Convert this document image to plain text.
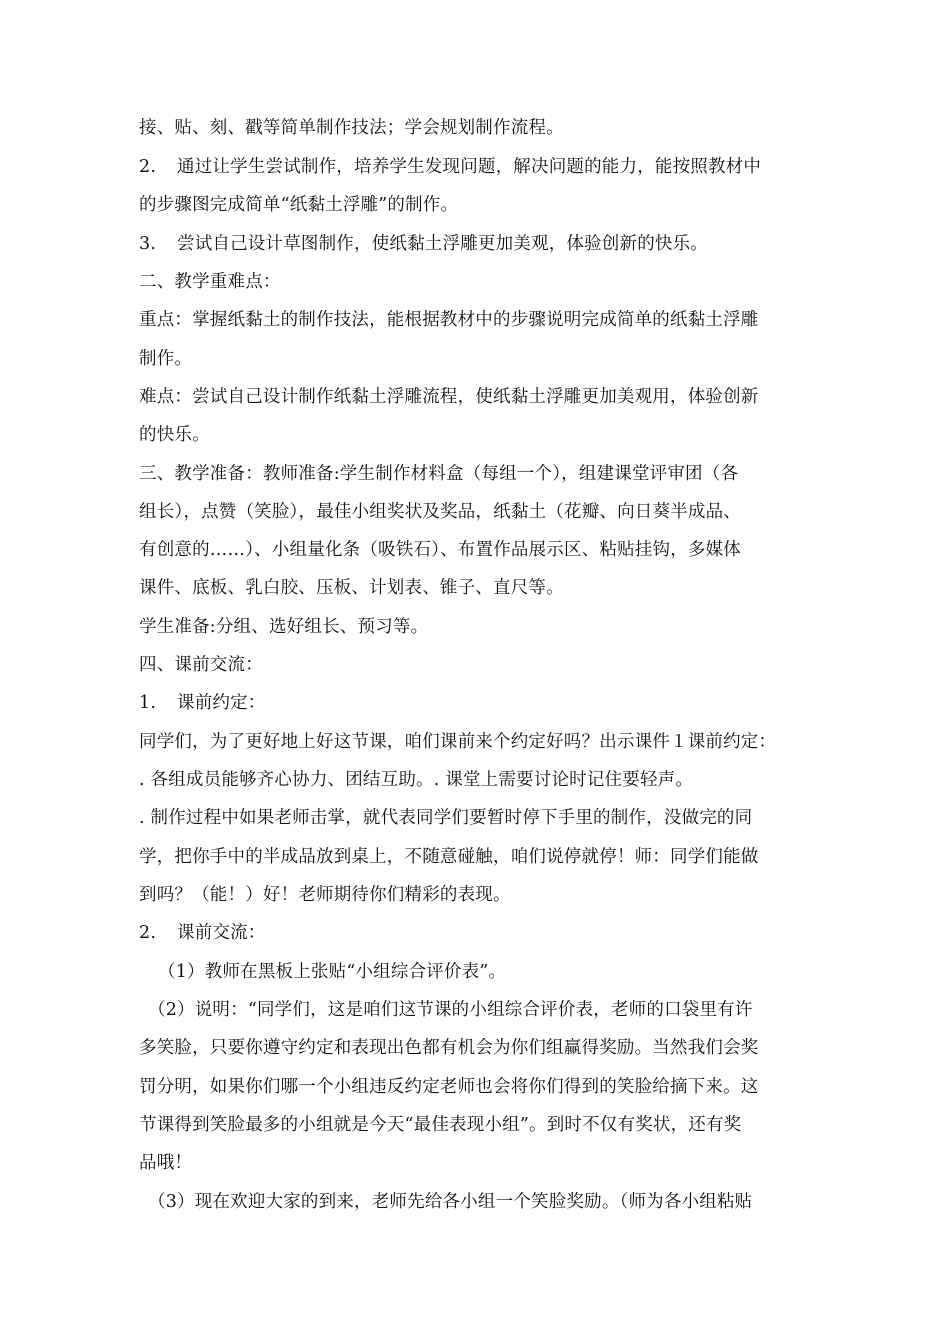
接、贴、刻、戳等简单制作技法；学会规划制作流程。
2. 通过让学生尝试制作，培养学生发现问题，解决问题的能力，能按照教材中
的步骤图完成简单“纸黏土浮雕”的制作。
3. 尝试自己设计草图制作，使纸黏土浮雕更加美观，体验创新的快乐。
二、教学重难点：
重点：掌握纸黏土的制作技法，能根据教材中的步骤说明完成简单的纸黏土浮雕
制作。
难点：尝试自己设计制作纸黏土浮雕流程，使纸黏土浮雕更加美观用，体验创新
的快乐。
三、教学准备：教师准备:学生制作材料盒（每组一个），组建课堂评审团（各
组长），点赞（笑脸），最佳小组奖状及奖品，纸黏土（花瓣、向日葵半成品、
有创意的……）、小组量化条（吸铁石）、布置作品展示区、粘贴挂钩，多媒体
课件、底板、乳白胶、压板、计划表、锥子、直尺等。
学生准备:分组、选好组长、预习等。
四、课前交流：
1. 课前约定：
同学们，为了更好地上好这节课，咱们课前来个约定好吗？出示课件１课前约定：
. 各组成员能够齐心协力、团结互助。. 课堂上需要讨论时记住要轻声。
. 制作过程中如果老师击掌，就代表同学们要暂时停下手里的制作，没做完的同
学，把你手中的半成品放到桌上，不随意碰触，咱们说停就停！师：同学们能做
到吗？（能！）好！老师期待你们精彩的表现。
2. 课前交流：
（1）教师在黑板上张贴“小组综合评价表”。
（2）说明：“同学们，这是咱们这节课的小组综合评价表，老师的口袋里有许
多笑脸，只要你遵守约定和表现出色都有机会为你们组赢得奖励。当然我们会奖
罚分明，如果你们哪一个小组违反约定老师也会将你们得到的笑脸给摘下来。这
节课得到笑脸最多的小组就是今天“最佳表现小组”。到时不仅有奖状，还有奖
品哦！
（3）现在欢迎大家的到来，老师先给各小组一个笑脸奖励。（师为各小组粘贴
